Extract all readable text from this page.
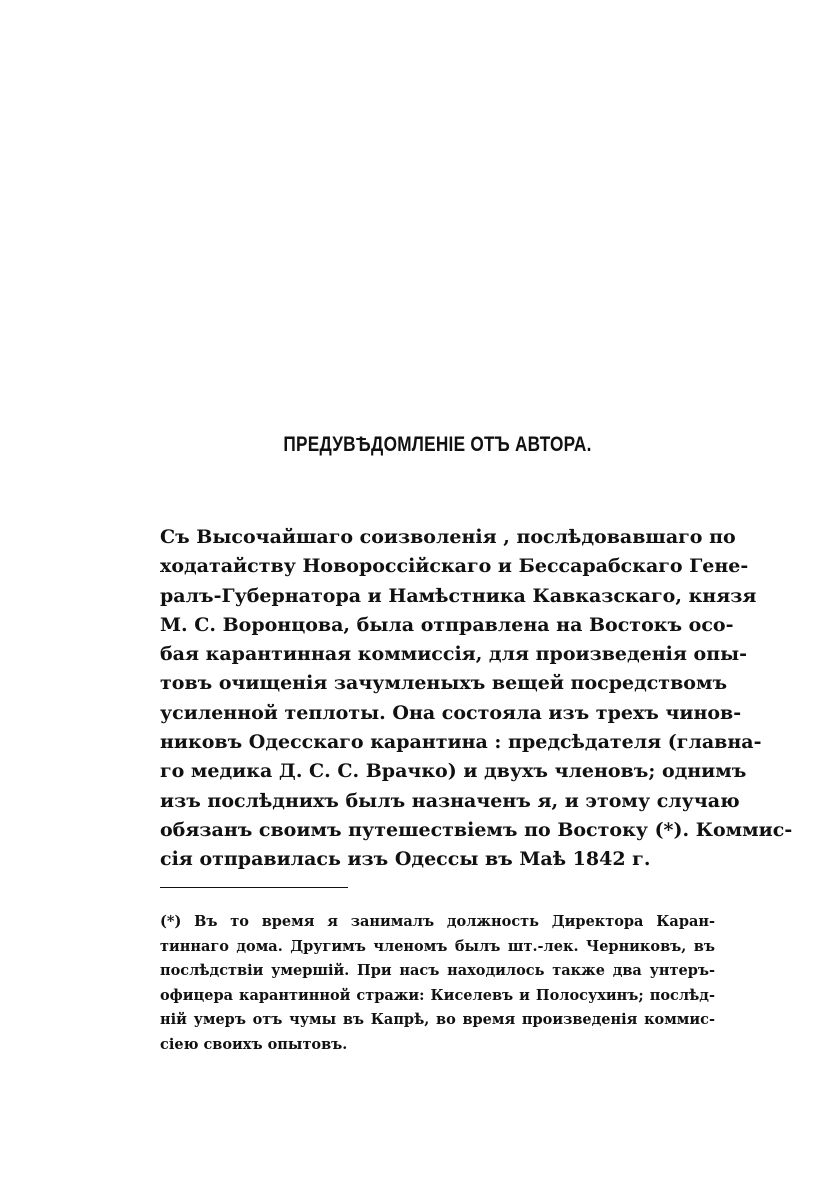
ПРЕДУВѢДОМЛЕНІЕ ОТЪ АВТОРА.
Съ Высочайшаго соизволенія , послѣдовавшаго по
ходатайству Новороссійскаго и Бессарабскаго Гене-
ралъ-Губернатора и Намѣстника Кавказскаго, князя
М. С. Воронцова, была отправлена на Востокъ осо-
бая карантинная коммиссія, для произведенія опы-
товъ очищенія зачумленыхъ вещей посредствомъ
усиленной теплоты. Она состояла изъ трехъ чинов-
никовъ Одесскаго карантина : предсѣдателя (главна-
го медика Д. С. С. Врачко) и двухъ членовъ; однимъ
изъ послѣднихъ былъ назначенъ я, и этому случаю
обязанъ своимъ путешествіемъ по Востоку (*). Коммис-
сія отправилась изъ Одессы въ Маѣ 1842 г.
(*) Въ то время я занималъ должность Директора Каран-
тиннаго дома. Другимъ членомъ былъ шт.-лек. Черниковъ, въ
послѣдствіи умершій. При насъ находилось также два унтеръ-
офицера карантинной стражи: Киселевъ и Полосухинъ; послѣд-
ній умеръ отъ чумы въ Капрѣ, во время произведенія коммис-
сіею своихъ опытовъ.
